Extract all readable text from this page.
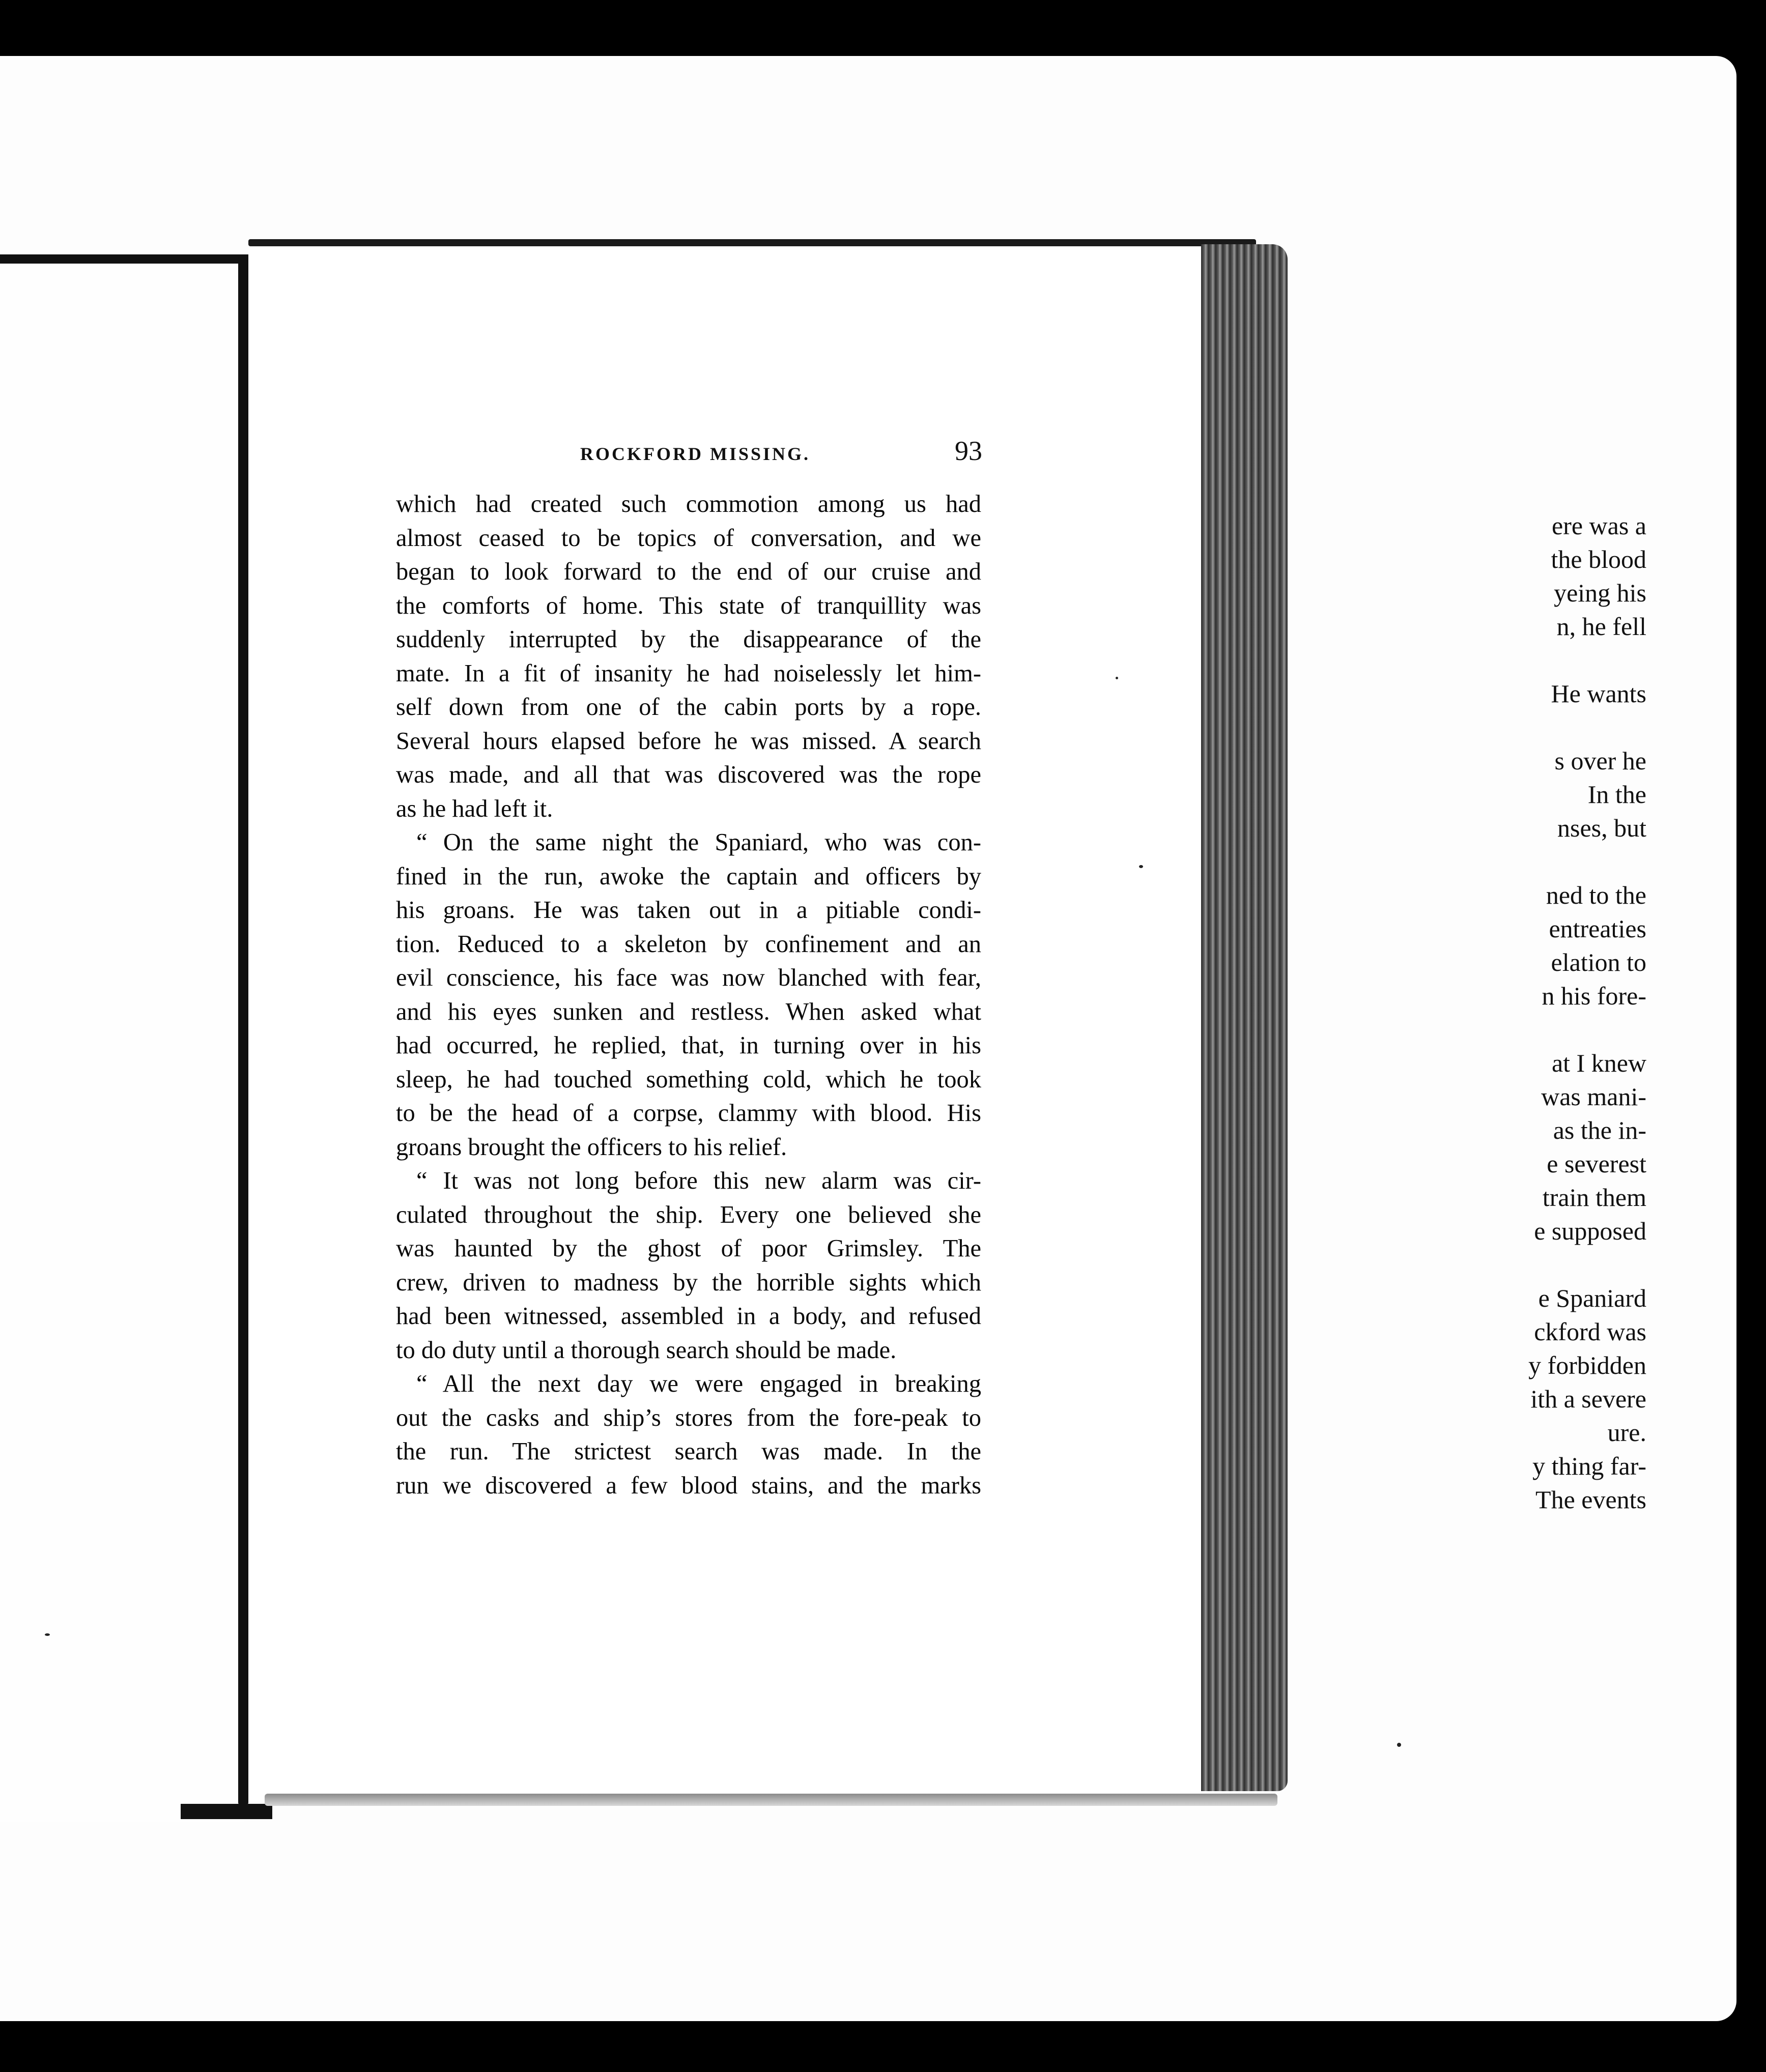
ere was a
the blood
yeing his
n, he fell
He wants
s over he
In the
nses, but
ned to the
entreaties
elation to
n his fore-
at I knew
was mani-
as the in-
e severest
train them
e supposed
e Spaniard
ckford was
y forbidden
ith a severe
ure.
y thing far-
The events
ROCKFORD MISSING.	93
which had created such commotion among us had
almost ceased to be topics of conversation, and we
began to look forward to the end of our cruise and
the comforts of home. This state of tranquillity was
suddenly interrupted by the disappearance of the
mate. In a fit of insanity he had noiselessly let him-
self down from one of the cabin ports by a rope.
Several hours elapsed before he was missed. A search
was made, and all that was discovered was the rope
as he had left it.
“ On the same night the Spaniard, who was con-
fined in the run, awoke the captain and officers by
his groans. He was taken out in a pitiable condi-
tion. Reduced to a skeleton by confinement and an
evil conscience, his face was now blanched with fear,
and his eyes sunken and restless. When asked what
had occurred, he replied, that, in turning over in his
sleep, he had touched something cold, which he took
to be the head of a corpse, clammy with blood. His
groans brought the officers to his relief.
“ It was not long before this new alarm was cir-
culated throughout the ship. Every one believed she
was haunted by the ghost of poor Grimsley. The
crew, driven to madness by the horrible sights which
had been witnessed, assembled in a body, and refused
to do duty until a thorough search should be made.
“ All the next day we were engaged in breaking
out the casks and ship’s stores from the fore-peak to
the run. The strictest search was made. In the
run we discovered a few blood stains, and the marks
